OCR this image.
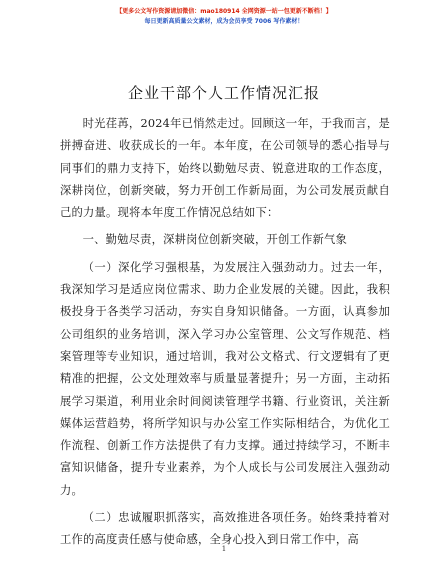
【更多公文写作资源请加微信：mao180914 全网资源一站一包更新不断档！】
每日更新高质量公文素材，成为会员享受 7006 写作素材！
企业干部个人工作情况汇报

时光荏苒，2024年已悄然走过。回顾这一年，于我而言，是拼搏奋进、收获成长的一年。本年度，在公司领导的悉心指导与同事们的鼎力支持下，始终以勤勉尽责、锐意进取的工作态度，深耕岗位，创新突破，努力开创工作新局面，为公司发展贡献自己的力量。现将本年度工作情况总结如下：

一、勤勉尽责，深耕岗位创新突破，开创工作新气象

（一）深化学习强根基，为发展注入强劲动力。过去一年，我深知学习是适应岗位需求、助力企业发展的关键。因此，我积极投身于各类学习活动，夯实自身知识储备。一方面，认真参加公司组织的业务培训，深入学习办公室管理、公文写作规范、档案管理等专业知识，通过培训，我对公文格式、行文逻辑有了更精准的把握，公文处理效率与质量显著提升；另一方面，主动拓展学习渠道，利用业余时间阅读管理学书籍、行业资讯，关注新媒体运营趋势，将所学知识与办公室工作实际相结合，为优化工作流程、创新工作方法提供了有力支撑。通过持续学习，不断丰富知识储备，提升专业素养，为个人成长与公司发展注入强劲动力。

（二）忠诚履职抓落实，高效推进各项任务。始终秉持着对工作的高度责任感与使命感，全身心投入到日常工作中，高

1
